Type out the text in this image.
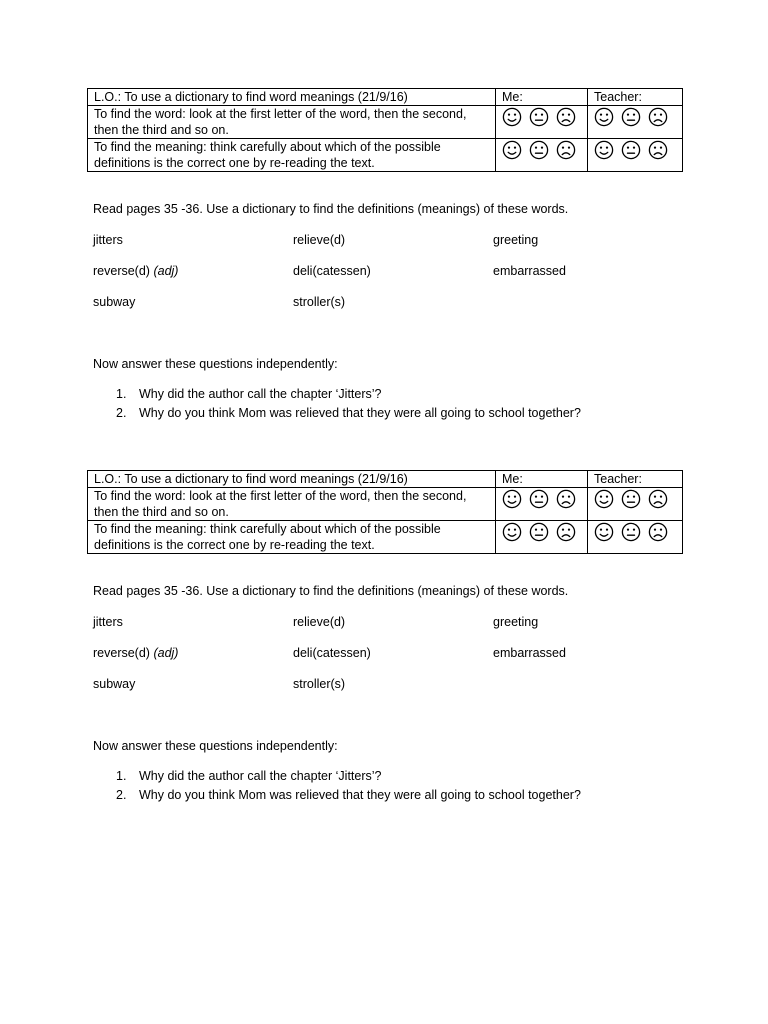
L.O.: To use a dictionary to find word meanings (21/9/16)	Me:	Teacher:
To find the word: look at the first letter of the word, then the second, then the third and so on.	

To find the meaning: think carefully about which of the possible definitions is the correct one by re-reading the text.	

Read pages 35 -36. Use a dictionary to find the definitions (meanings) of these words.
jitters	relieve(d)	greeting
reverse(d) (adj)	deli(catessen)	embarrassed
subway	stroller(s)
Now answer these questions independently:
1.	Why did the author call the chapter ‘Jitters’?
2.	Why do you think Mom was relieved that they were all going to school together?
L.O.: To use a dictionary to find word meanings (21/9/16)	Me:	Teacher:
To find the word: look at the first letter of the word, then the second, then the third and so on.	

To find the meaning: think carefully about which of the possible definitions is the correct one by re-reading the text.	

Read pages 35 -36. Use a dictionary to find the definitions (meanings) of these words.
jitters	relieve(d)	greeting
reverse(d) (adj)	deli(catessen)	embarrassed
subway	stroller(s)
Now answer these questions independently:
1.	Why did the author call the chapter ‘Jitters’?
2.	Why do you think Mom was relieved that they were all going to school together?
